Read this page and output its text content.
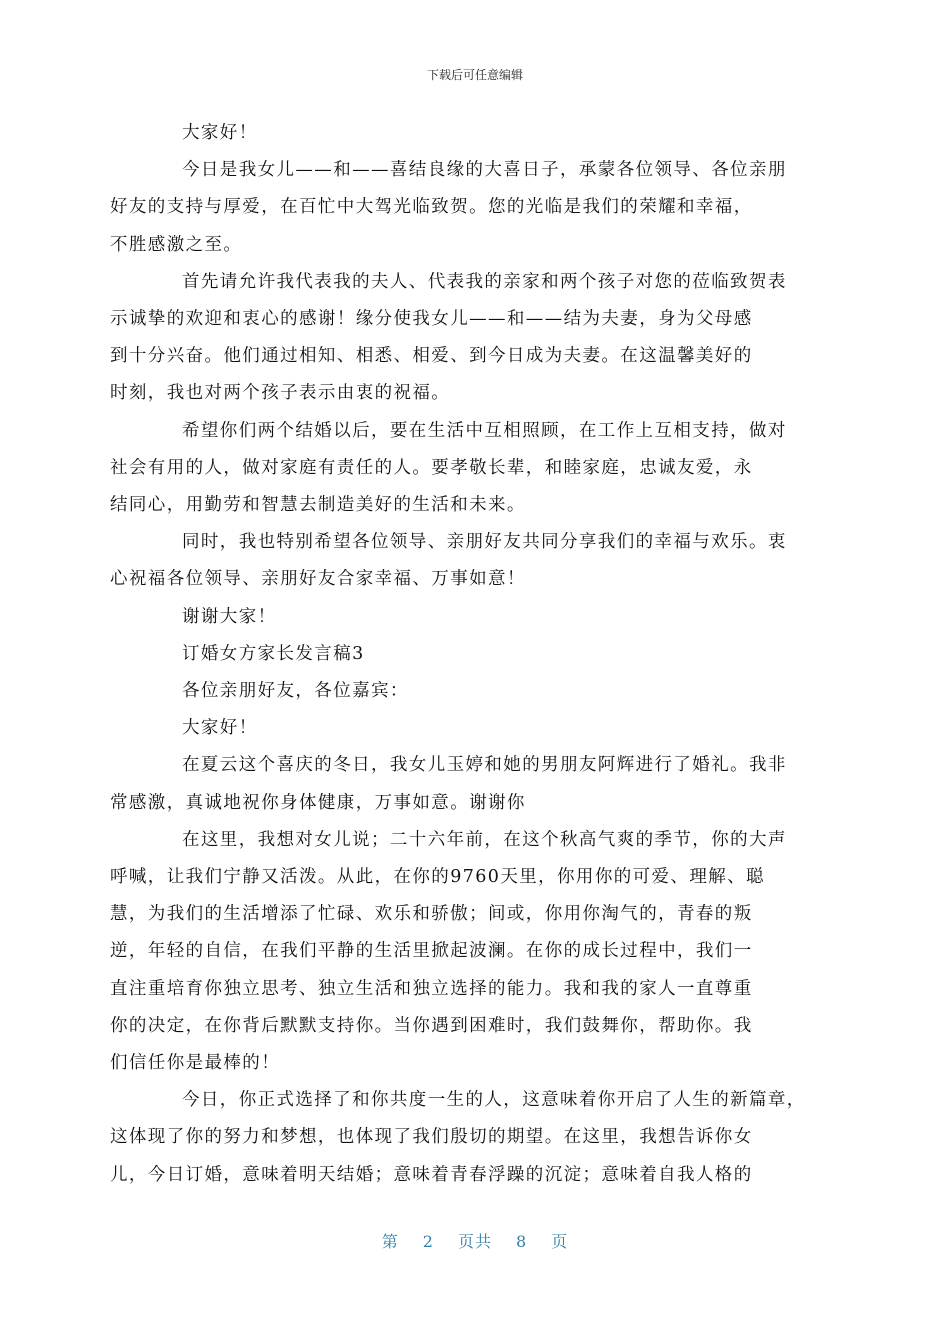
下载后可任意编辑

大家好！

今日是我女儿——和——喜结良缘的大喜日子，承蒙各位领导、各位亲朋
好友的支持与厚爱，在百忙中大驾光临致贺。您的光临是我们的荣耀和幸福，
不胜感激之至。

首先请允许我代表我的夫人、代表我的亲家和两个孩子对您的莅临致贺表
示诚挚的欢迎和衷心的感谢！缘分使我女儿——和——结为夫妻，身为父母感
到十分兴奋。他们通过相知、相悉、相爱、到今日成为夫妻。在这温馨美好的
时刻，我也对两个孩子表示由衷的祝福。

希望你们两个结婚以后，要在生活中互相照顾，在工作上互相支持，做对
社会有用的人，做对家庭有责任的人。要孝敬长辈，和睦家庭，忠诚友爱，永
结同心，用勤劳和智慧去制造美好的生活和未来。

同时，我也特别希望各位领导、亲朋好友共同分享我们的幸福与欢乐。衷
心祝福各位领导、亲朋好友合家幸福、万事如意！

谢谢大家！

订婚女方家长发言稿3

各位亲朋好友，各位嘉宾：

大家好！

在夏云这个喜庆的冬日，我女儿玉婷和她的男朋友阿辉进行了婚礼。我非
常感激，真诚地祝你身体健康，万事如意。谢谢你

在这里，我想对女儿说；二十六年前，在这个秋高气爽的季节，你的大声
呼喊，让我们宁静又活泼。从此，在你的9760天里，你用你的可爱、理解、聪
慧，为我们的生活增添了忙碌、欢乐和骄傲；间或，你用你淘气的，青春的叛
逆，年轻的自信，在我们平静的生活里掀起波澜。在你的成长过程中，我们一
直注重培育你独立思考、独立生活和独立选择的能力。我和我的家人一直尊重
你的决定，在你背后默默支持你。当你遇到困难时，我们鼓舞你，帮助你。我
们信任你是最棒的！

今日，你正式选择了和你共度一生的人，这意味着你开启了人生的新篇章，
这体现了你的努力和梦想，也体现了我们殷切的期望。在这里，我想告诉你女
儿，今日订婚，意味着明天结婚；意味着青春浮躁的沉淀；意味着自我人格的

第 2 页共 8 页
